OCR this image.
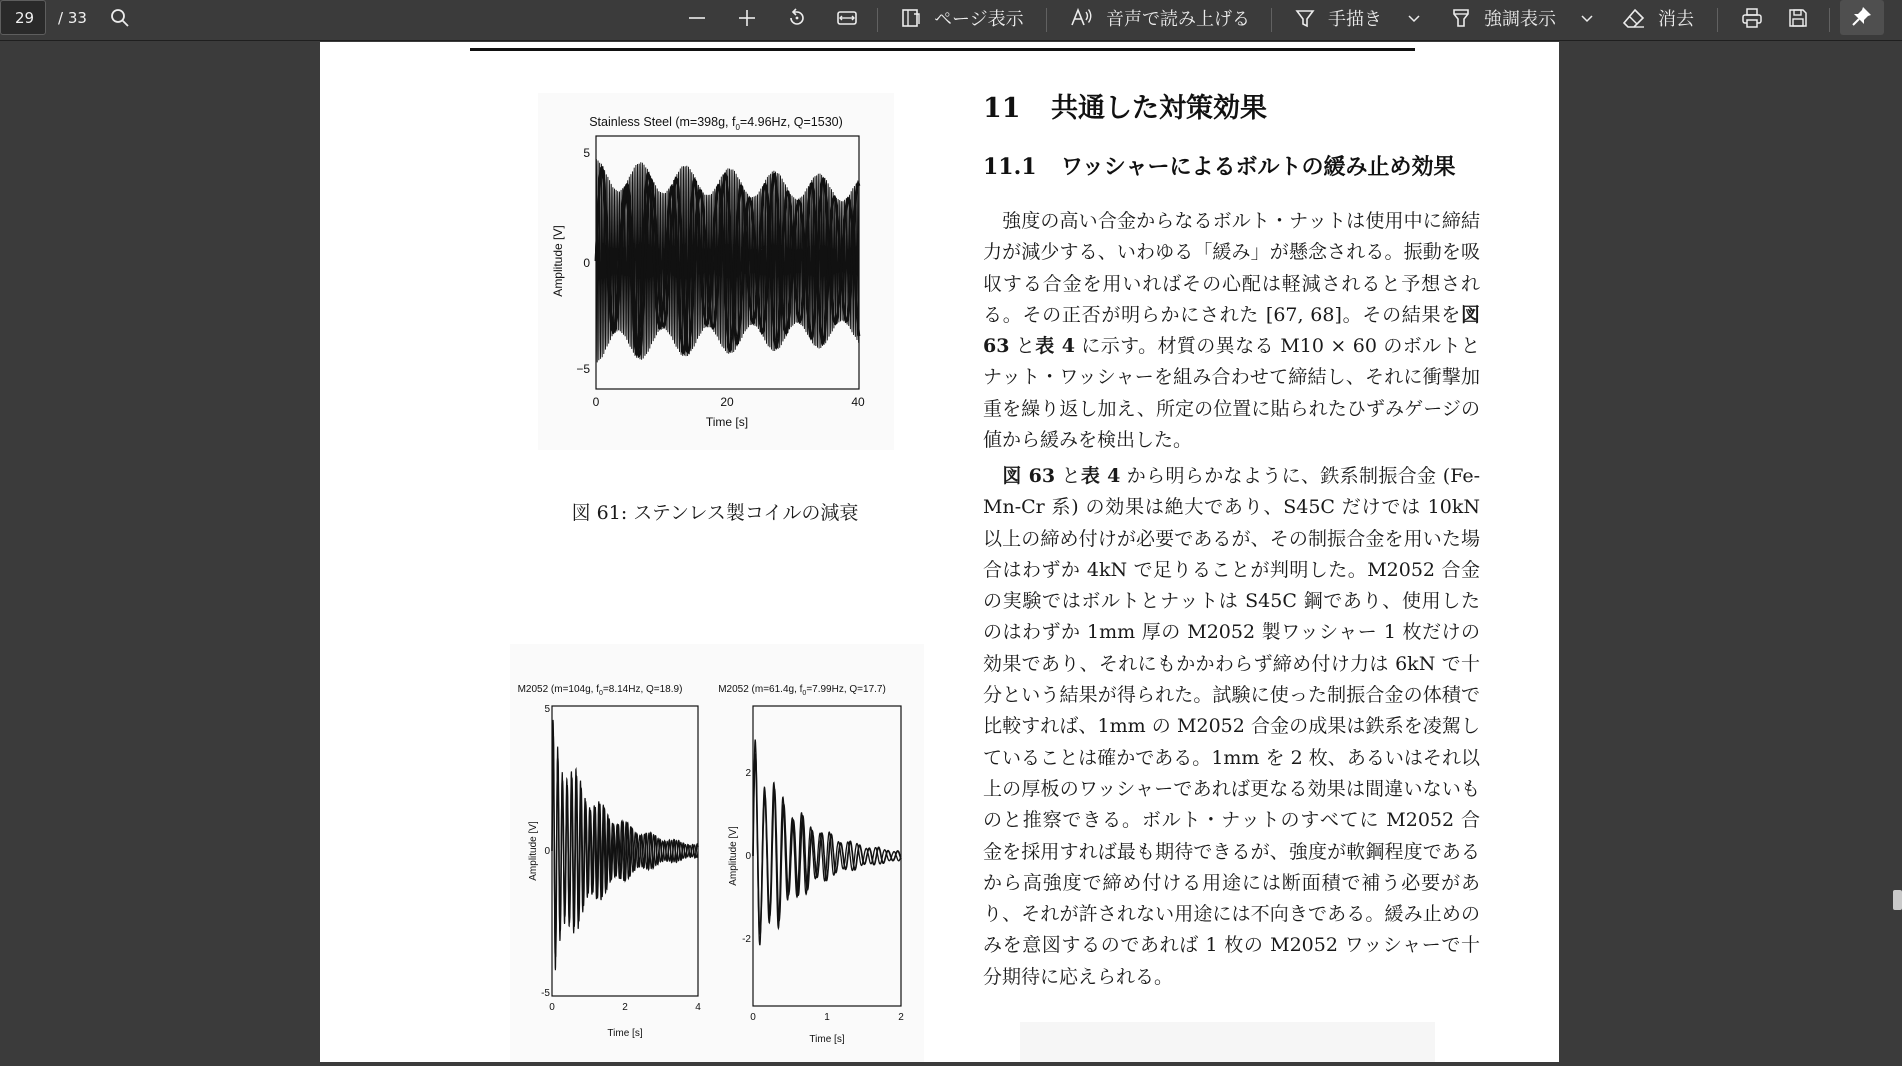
29 / 33	ページ表示	音声で読み上げる	手描き	強調表示	消去
Stainless Steel (m=398g, $f_0=4.96Hz$, Q=1530)
Amplitude [V]
5
0
−5
0	20	40
Time [s]
図 61: ステンレス製コイルの減衰
M2052 (m=104g, $f_0=8.14Hz$, Q=18.9)
Amplitude [V]
5
0
-5
0	2	4
Time [s]
M2052 (m=61.4g, $f_0=7.99Hz$, Q=17.7)
Amplitude [V]
2
0
-2
0	1	2
Time [s]
11 共通した対策効果
11.1 ワッシャーによるボルトの緩み止め効果
　強度の高い合金からなるボルト・ナットは使用中に締結力が減少する、いわゆる「緩み」が懸念される。振動を吸収する合金を用いればその心配は軽減されると予想される。その正否が明らかにされた [67, 68]。その結果を図 63 と表 4 に示す。材質の異なる M10 × 60 のボルトとナット・ワッシャーを組み合わせて締結し、それに衝撃加重を繰り返し加え、所定の位置に貼られたひずみゲージの値から緩みを検出した。
　図 63 と表 4 から明らかなように、鉄系制振合金 (Fe-Mn-Cr 系) の効果は絶大であり、S45C だけでは 10kN 以上の締め付けが必要であるが、その制振合金を用いた場合はわずか 4kN で足りることが判明した。M2052 合金の実験ではボルトとナットは S45C 鋼であり、使用したのはわずか 1mm 厚の M2052 製ワッシャー 1 枚だけの効果であり、それにもかかわらず締め付け力は 6kN で十分という結果が得られた。試験に使った制振合金の体積で比較すれば、1mm の M2052 合金の成果は鉄系を凌駕していることは確かである。1mm を 2 枚、あるいはそれ以上の厚板のワッシャーであれば更なる効果は間違いないものと推察できる。ボルト・ナットのすべてに M2052 合金を採用すれば最も期待できるが、強度が軟鋼程度であるから高強度で締め付ける用途には断面積で補う必要があり、それが許されない用途には不向きである。緩み止めのみを意図するのであれば 1 枚の M2052 ワッシャーで十分期待に応えられる。
